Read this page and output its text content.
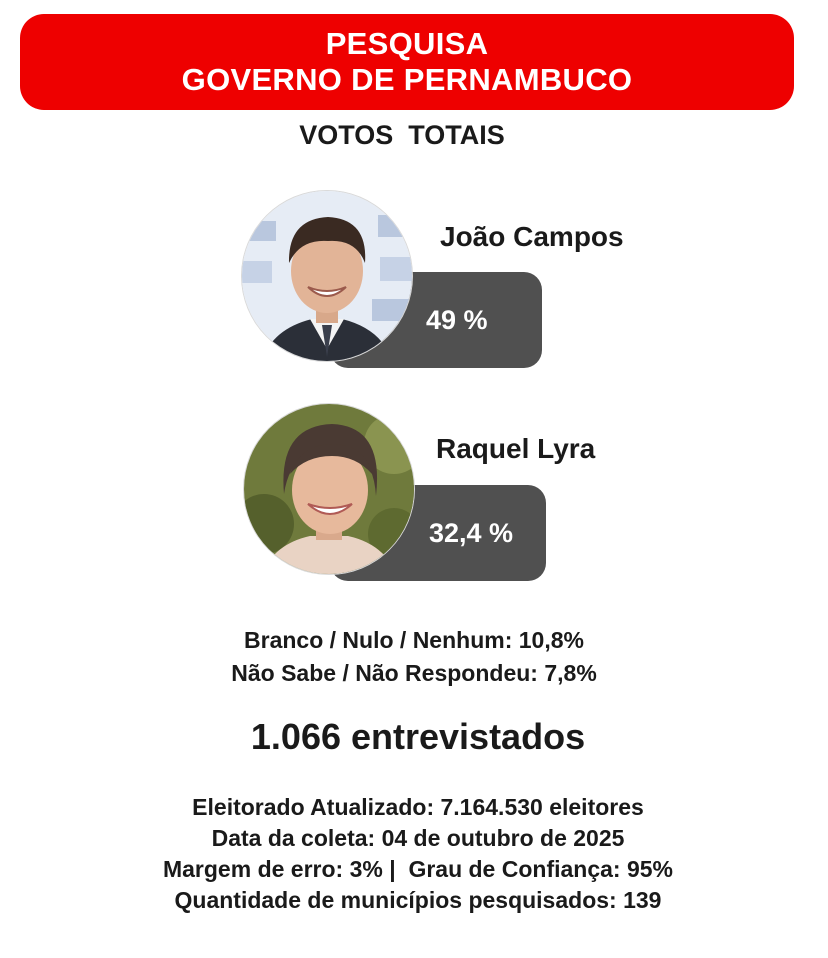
PESQUISA
GOVERNO DE PERNAMBUCO
VOTOS  TOTAIS
49 %
João Campos
32,4 %
Raquel Lyra
Branco / Nulo / Nenhum: 10,8%
Não Sabe / Não Respondeu: 7,8%
1.066 entrevistados
Eleitorado Atualizado: 7.164.530 eleitores
Data da coleta: 04 de outubro de 2025
Margem de erro: 3% |  Grau de Confiança: 95%
Quantidade de municípios pesquisados: 139
